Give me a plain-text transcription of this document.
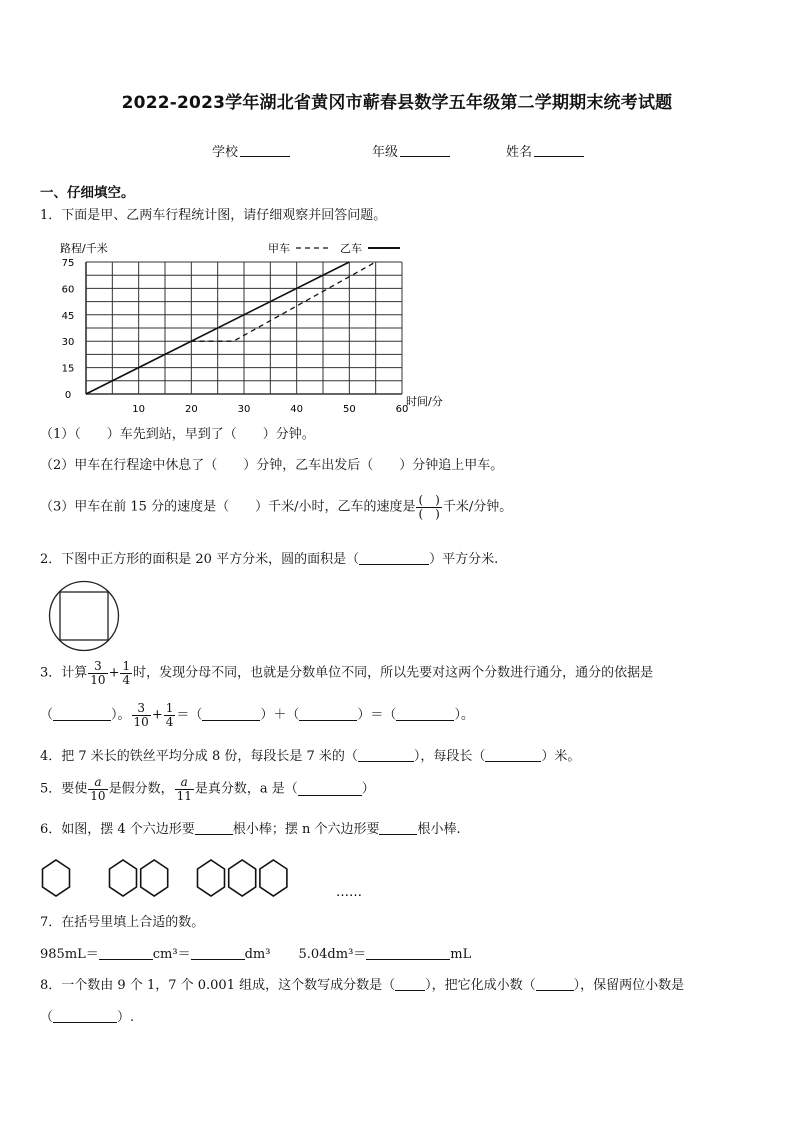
2022-2023学年湖北省黄冈市蕲春县数学五年级第二学期期末统考试题
学校	年级	姓名
一、仔细填空。
1．下面是甲、乙两车行程统计图，请仔细观察并回答问题。
路程/千米	甲车	乙车
0
15
30
45
60
75
10	20	30	40	50	60
时间/分
（1）（　　）车先到站，早到了（　　）分钟。
（2）甲车在行程途中休息了（　　）分钟，乙车出发后（　　）分钟追上甲车。
（3）甲车在前 15 分的速度是（　　）千米/小时，乙车的速度是 $\frac{( )}{( )}$ 千米/分钟。
2．下图中正方形的面积是 20 平方分米，圆的面积是（	）平方分米.
3．计算 $\frac{3}{10} + \frac{1}{4}$ 时，发现分母不同，也就是分数单位不同，所以先要对这两个分数进行通分，通分的依据是
（	）。 $\frac{3}{10} + \frac{1}{4}$ ＝（	）＋（	）＝（	）。
4．把 7 米长的铁丝平均分成 8 份，每段长是 7 米的（	），每段长（	）米。
5．要使 $\frac{a}{10}$ 是假分数， $\frac{a}{11}$ 是真分数，a 是（	）
6．如图，摆 4 个六边形要	根小棒；摆 n 个六边形要	根小棒.
……
7．在括号里填上合适的数。
985mL＝	cm³＝	dm³ 5.04dm³＝	mL
8．一个数由 9 个 1，7 个 0.001 组成，这个数写成分数是（ ），把它化成小数（	），保留两位小数是
（	）.
